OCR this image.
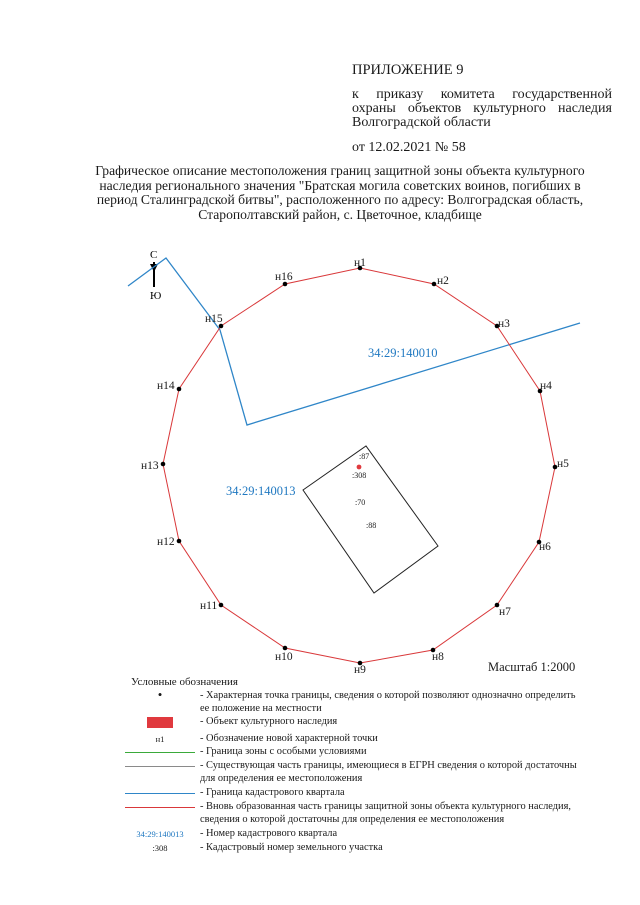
ПРИЛОЖЕНИЕ 9
к приказу комитета государственной охраны объектов культурного наследия Волгоградской области
от 12.02.2021 № 58
Графическое описание местоположения границ защитной зоны объекта культурного наследия регионального значения "Братская могила советских воинов, погибших в период Сталинградской битвы", расположенного по адресу: Волгоградская область, Старополтавский район, с. Цветочное, кладбище
С
Ю
н1
н2
н3
н4
н5
н6
н7
н8
н9
н10
н11
н12
н13
н14
н15
н16
34:29:140010
34:29:140013
:87
:308
:70
:88
Масштаб 1:2000
Условные обозначения
•	- Характерная точка границы, сведения о которой позволяют однозначно определить ее положение на местности
- Объект культурного наследия
н1	- Обозначение новой характерной точки
- Граница зоны с особыми условиями
- Существующая часть границы, имеющиеся в ЕГРН сведения о которой достаточны для определения ее местоположения
- Граница кадастрового квартала
- Вновь образованная часть границы защитной зоны объекта культурного наследия, сведения о которой достаточны для определения ее местоположения
34:29:140013	- Номер кадастрового квартала
:308	- Кадастровый номер земельного участка
